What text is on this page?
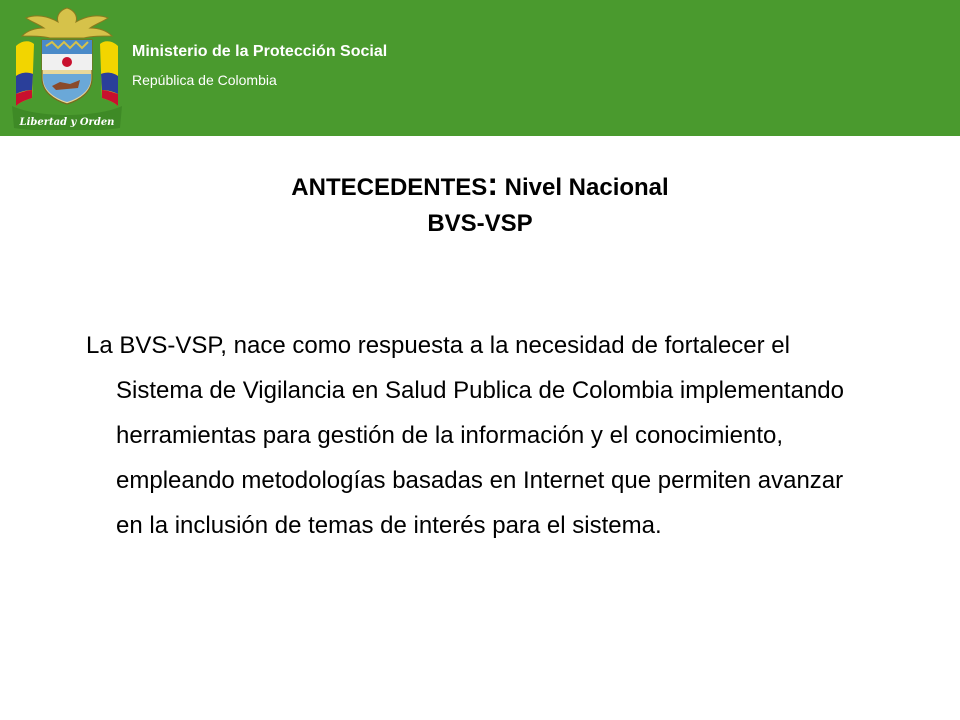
Libertad y Orden
Ministerio de la Protección Social
República de Colombia
ANTECEDENTES: Nivel Nacional
BVS-VSP
La BVS-VSP, nace como respuesta a la necesidad de fortalecer el Sistema de Vigilancia en Salud Publica de Colombia implementando herramientas para gestión de la información y el conocimiento, empleando metodologías basadas en Internet que permiten avanzar en la inclusión de temas de interés para el sistema.
